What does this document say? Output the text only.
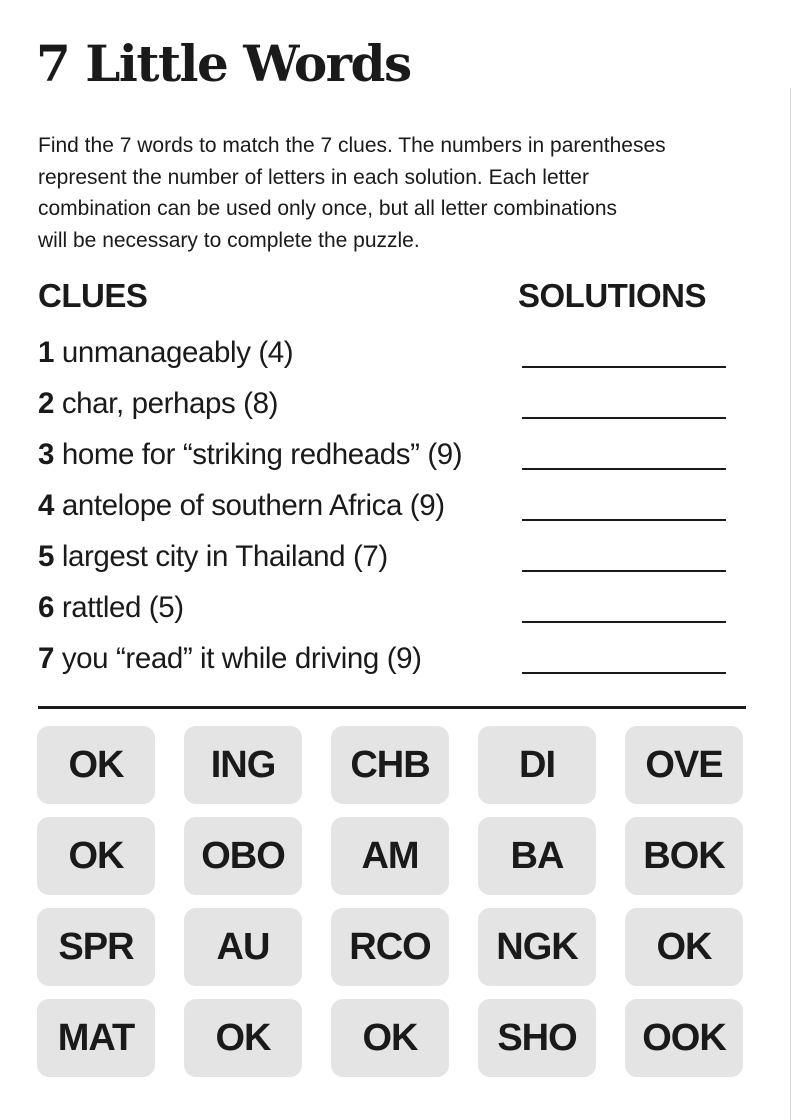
7 Little Words
Find the 7 words to match the 7 clues. The numbers in parentheses
represent the number of letters in each solution. Each letter
combination can be used only once, but all letter combinations
will be necessary to complete the puzzle.
CLUES	SOLUTIONS
1 unmanageably (4)
2 char, perhaps (8)
3 home for “striking redheads” (9)
4 antelope of southern Africa (9)
5 largest city in Thailand (7)
6 rattled (5)
7 you “read” it while driving (9)
OK	ING	CHB	DI	OVE
OK	OBO	AM	BA	BOK
SPR	AU	RCO	NGK	OK
MAT	OK	OK	SHO	OOK
